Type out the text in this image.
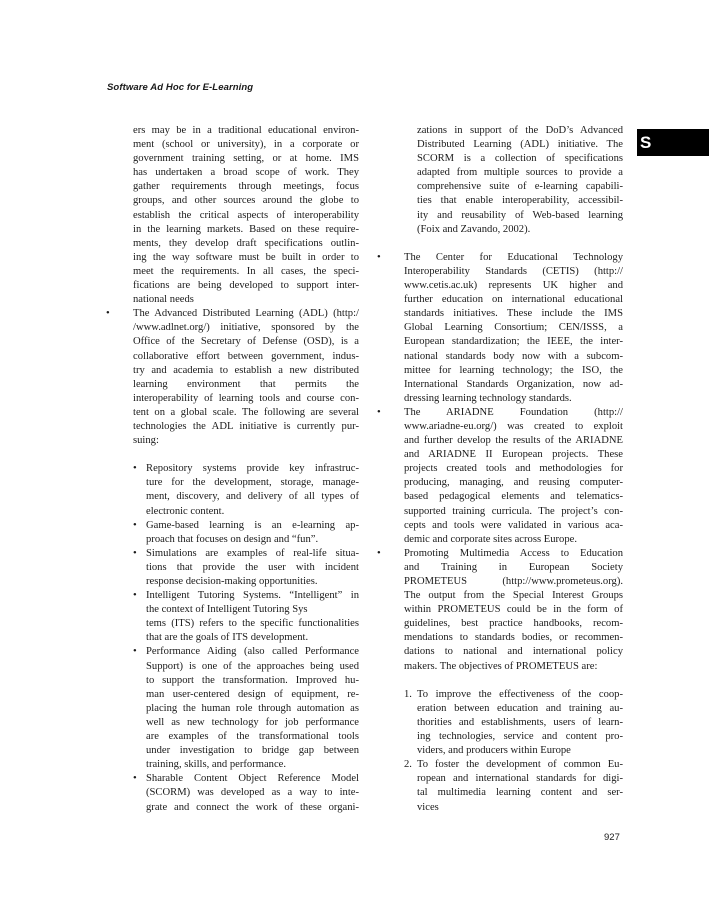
Software Ad Hoc for E-Learning
S
ers may be in a traditional educational environ-
ment (school or university), in a corporate or
government training setting, or at home. IMS
has undertaken a broad scope of work. They
gather requirements through meetings, focus
groups, and other sources around the globe to
establish the critical aspects of interoperability
in the learning markets. Based on these require-
ments, they develop draft specifications outlin-
ing the way software must be built in order to
meet the requirements. In all cases, the speci-
fications are being developed to support inter-
national needs
• The Advanced Distributed Learning (ADL) (http:/
/www.adlnet.org/) initiative, sponsored by the
Office of the Secretary of Defense (OSD), is a
collaborative effort between government, indus-
try and academia to establish a new distributed
learning environment that permits the
interoperability of learning tools and course con-
tent on a global scale. The following are several
technologies the ADL initiative is currently pur-
suing:
• Repository systems provide key infrastruc-
ture for the development, storage, manage-
ment, discovery, and delivery of all types of
electronic content.
• Game-based learning is an e-learning ap-
proach that focuses on design and “fun”.
• Simulations are examples of real-life situa-
tions that provide the user with incident
response decision-making opportunities.
• Intelligent Tutoring Systems. “Intelligent” in
the context of Intelligent Tutoring Sys
tems (ITS) refers to the specific functionalities
that are the goals of ITS development.
• Performance Aiding (also called Performance
Support) is one of the approaches being used
to support the transformation. Improved hu-
man user-centered design of equipment, re-
placing the human role through automation as
well as new technology for job performance
are examples of the transformational tools
under investigation to bridge gap between
training, skills, and performance.
• Sharable Content Object Reference Model
(SCORM) was developed as a way to inte-
grate and connect the work of these organi-
zations in support of the DoD’s Advanced
Distributed Learning (ADL) initiative. The
SCORM is a collection of specifications
adapted from multiple sources to provide a
comprehensive suite of e-learning capabili-
ties that enable interoperability, accessibil-
ity and reusability of Web-based learning
(Foix and Zavando, 2002).
• The Center for Educational Technology
Interoperability Standards (CETIS) (http://
www.cetis.ac.uk) represents UK higher and
further education on international educational
standards initiatives. These include the IMS
Global Learning Consortium; CEN/ISSS, a
European standardization; the IEEE, the inter-
national standards body now with a subcom-
mittee for learning technology; the ISO, the
International Standards Organization, now ad-
dressing learning technology standards.
• The ARIADNE Foundation (http://
www.ariadne-eu.org/) was created to exploit
and further develop the results of the ARIADNE
and ARIADNE II European projects. These
projects created tools and methodologies for
producing, managing, and reusing computer-
based pedagogical elements and telematics-
supported training curricula. The project’s con-
cepts and tools were validated in various aca-
demic and corporate sites across Europe.
• Promoting Multimedia Access to Education
and Training in European Society
PROMETEUS (http://www.prometeus.org).
The output from the Special Interest Groups
within PROMETEUS could be in the form of
guidelines, best practice handbooks, recom-
mendations to standards bodies, or recommen-
dations to national and international policy
makers. The objectives of PROMETEUS are:
1. To improve the effectiveness of the coop-
eration between education and training au-
thorities and establishments, users of learn-
ing technologies, service and content pro-
viders, and producers within Europe
2. To foster the development of common Eu-
ropean and international standards for digi-
tal multimedia learning content and ser-
vices
927
